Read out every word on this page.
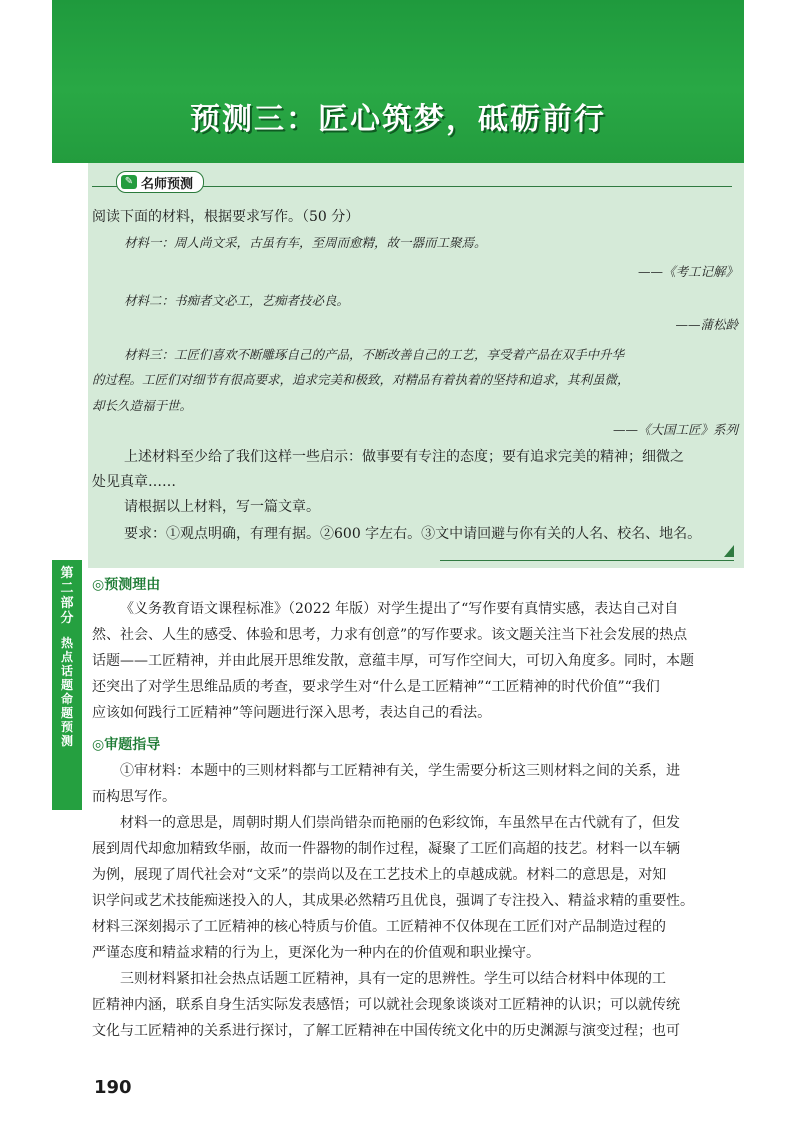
预测三：匠心筑梦，砥砺前行
✎ 名师预测
阅读下面的材料，根据要求写作。（50 分）
材料一：周人尚文采，古虽有车，至周而愈精，故一器而工聚焉。
——《考工记解》
材料二：书痴者文必工，艺痴者技必良。
——蒲松龄
材料三：工匠们喜欢不断雕琢自己的产品，不断改善自己的工艺，享受着产品在双手中升华
的过程。工匠们对细节有很高要求，追求完美和极致，对精品有着执着的坚持和追求，其利虽微，
却长久造福于世。
——《大国工匠》系列
上述材料至少给了我们这样一些启示：做事要有专注的态度；要有追求完美的精神；细微之
处见真章……
请根据以上材料，写一篇文章。
要求：①观点明确，有理有据。②600 字左右。③文中请回避与你有关的人名、校名、地名。
第二部分
热点话题命题预测
◎预测理由
《义务教育语文课程标准》（2022 年版）对学生提出了“写作要有真情实感，表达自己对自
然、社会、人生的感受、体验和思考，力求有创意”的写作要求。该文题关注当下社会发展的热点
话题——工匠精神，并由此展开思维发散，意蕴丰厚，可写作空间大，可切入角度多。同时，本题
还突出了对学生思维品质的考查，要求学生对“什么是工匠精神”“工匠精神的时代价值”“我们
应该如何践行工匠精神”等问题进行深入思考，表达自己的看法。
◎审题指导
①审材料：本题中的三则材料都与工匠精神有关，学生需要分析这三则材料之间的关系，进
而构思写作。
材料一的意思是，周朝时期人们崇尚错杂而艳丽的色彩纹饰，车虽然早在古代就有了，但发
展到周代却愈加精致华丽，故而一件器物的制作过程，凝聚了工匠们高超的技艺。材料一以车辆
为例，展现了周代社会对“文采”的崇尚以及在工艺技术上的卓越成就。材料二的意思是，对知
识学问或艺术技能痴迷投入的人，其成果必然精巧且优良，强调了专注投入、精益求精的重要性。
材料三深刻揭示了工匠精神的核心特质与价值。工匠精神不仅体现在工匠们对产品制造过程的
严谨态度和精益求精的行为上，更深化为一种内在的价值观和职业操守。
三则材料紧扣社会热点话题工匠精神，具有一定的思辨性。学生可以结合材料中体现的工
匠精神内涵，联系自身生活实际发表感悟；可以就社会现象谈谈对工匠精神的认识；可以就传统
文化与工匠精神的关系进行探讨，了解工匠精神在中国传统文化中的历史渊源与演变过程；也可
190
